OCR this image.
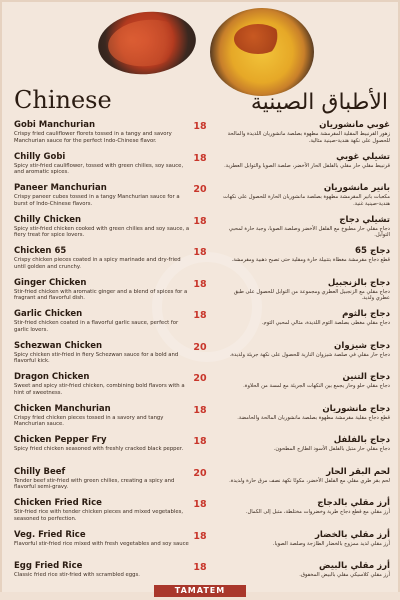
Chinese	الأطباق الصينية
Gobi Manchurian
Crispy fried cauliflower florets tossed in a tangy and savory Manchurian sauce for the perfect Indo-Chinese flavor.
Chilly Gobi
Spicy stir-fried cauliflower, tossed with green chilies, soy sauce, and aromatic spices.
Paneer Manchurian
Crispy paneer cubes tossed in a tangy Manchurian sauce for a burst of Indo-Chinese flavors.
Chilly Chicken
Spicy stir-fried chicken cooked with green chilies and soy sauce, a fiery treat for spice lovers.
Chicken 65
Crispy chicken pieces coated in a spicy marinade and dry-fried until golden and crunchy.
Ginger Chicken
Stir-fried chicken with aromatic ginger and a blend of spices for a fragrant and flavorful dish.
Garlic Chicken
Stir-fried chicken coated in a flavorful garlic sauce, perfect for garlic lovers.
Schezwan Chicken
Spicy chicken stir-fried in fiery Schezwan sauce for a bold and flavorful kick.
Dragon Chicken
Sweet and spicy stir-fried chicken, combining bold flavors with a hint of sweetness.
Chicken Manchurian
Crispy fried chicken pieces tossed in a savory and tangy Manchurian sauce.
Chicken Pepper Fry
Spicy fried chicken seasoned with freshly cracked black pepper.
Chilly Beef
Tender beef stir-fried with green chilies, creating a spicy and flavorful semi-gravy.
Chicken Fried Rice
Stir-fried rice with tender chicken pieces and mixed vegetables, seasoned to perfection.
Veg. Fried Rice
Flavorful stir-fried rice mixed with fresh vegetables and soy sauce
Egg Fried Rice
Classic fried rice stir-fried with scrambled eggs.
18
18
20
18
18
18
18
20
20
18
18
20
18
18
18
غوبي مانشوريان
زهور القرنبيط المقلية المقرمشة مطهوة بصلصة مانشوريان اللذيذة والمالحة للحصول على نكهة هندية-صينية مثالية.
تشيلي غوبي
قرنبيط مقلي حار مقلي بالفلفل الحار الأخضر، صلصة الصويا والتوابل العطرية.
بانير مانشوريان
مكعبات بانير المقرمشة مطهوة بصلصة مانشوريان الحارة للحصول على نكهات هندية-صينية غنية.
تشيلي دجاج
دجاج مقلي حار مطبوخ مع الفلفل الأخضر وصلصة الصويا، وجبة حارة لمحبي التوابل.
دجاج 65
قطع دجاج مقرمشة مغطاة بتتبيلة حارة ومقلية حتى تصبح ذهبية ومقرمشة.
دجاج بالزنجبيل
دجاج مقلي مع الزنجبيل العطري ومجموعة من التوابل للحصول على طبق عطري ولذيذ.
دجاج بالثوم
دجاج مقلي مغطى بصلصة الثوم اللذيذة، مثالي لمحبي الثوم.
دجاج شيزوان
دجاج حار مقلي في صلصة شيزوان النارية للحصول على نكهة جريئة ولذيذة.
دجاج التنين
دجاج مقلي حلو وحار يجمع بين النكهات الجريئة مع لمسة من الحلاوة.
دجاج مانشوريان
قطع دجاج مقلية مقرمشة مطهوة بصلصة مانشوريان المالحة والحامضة.
دجاج بالفلفل
دجاج مقلي حار متبل بالفلفل الأسود الطازج المطحون.
لحم البقر الحار
لحم بقر طري مقلي مع الفلفل الأخضر، مكونًا نكهة نصف مرق حارة ولذيذة.
أرز مقلي بالدجاج
أرز مقلي مع قطع دجاج طرية وخضروات مختلطة، متبل إلى الكمال.
أرز مقلي بالخضار
أرز مقلي لذيذ ممزوج بالخضار الطازجة وصلصة الصويا.
أرز مقلي بالبيض
أرز مقلي كلاسيكي مقلي بالبيض المخفوق.
TAMATEM
